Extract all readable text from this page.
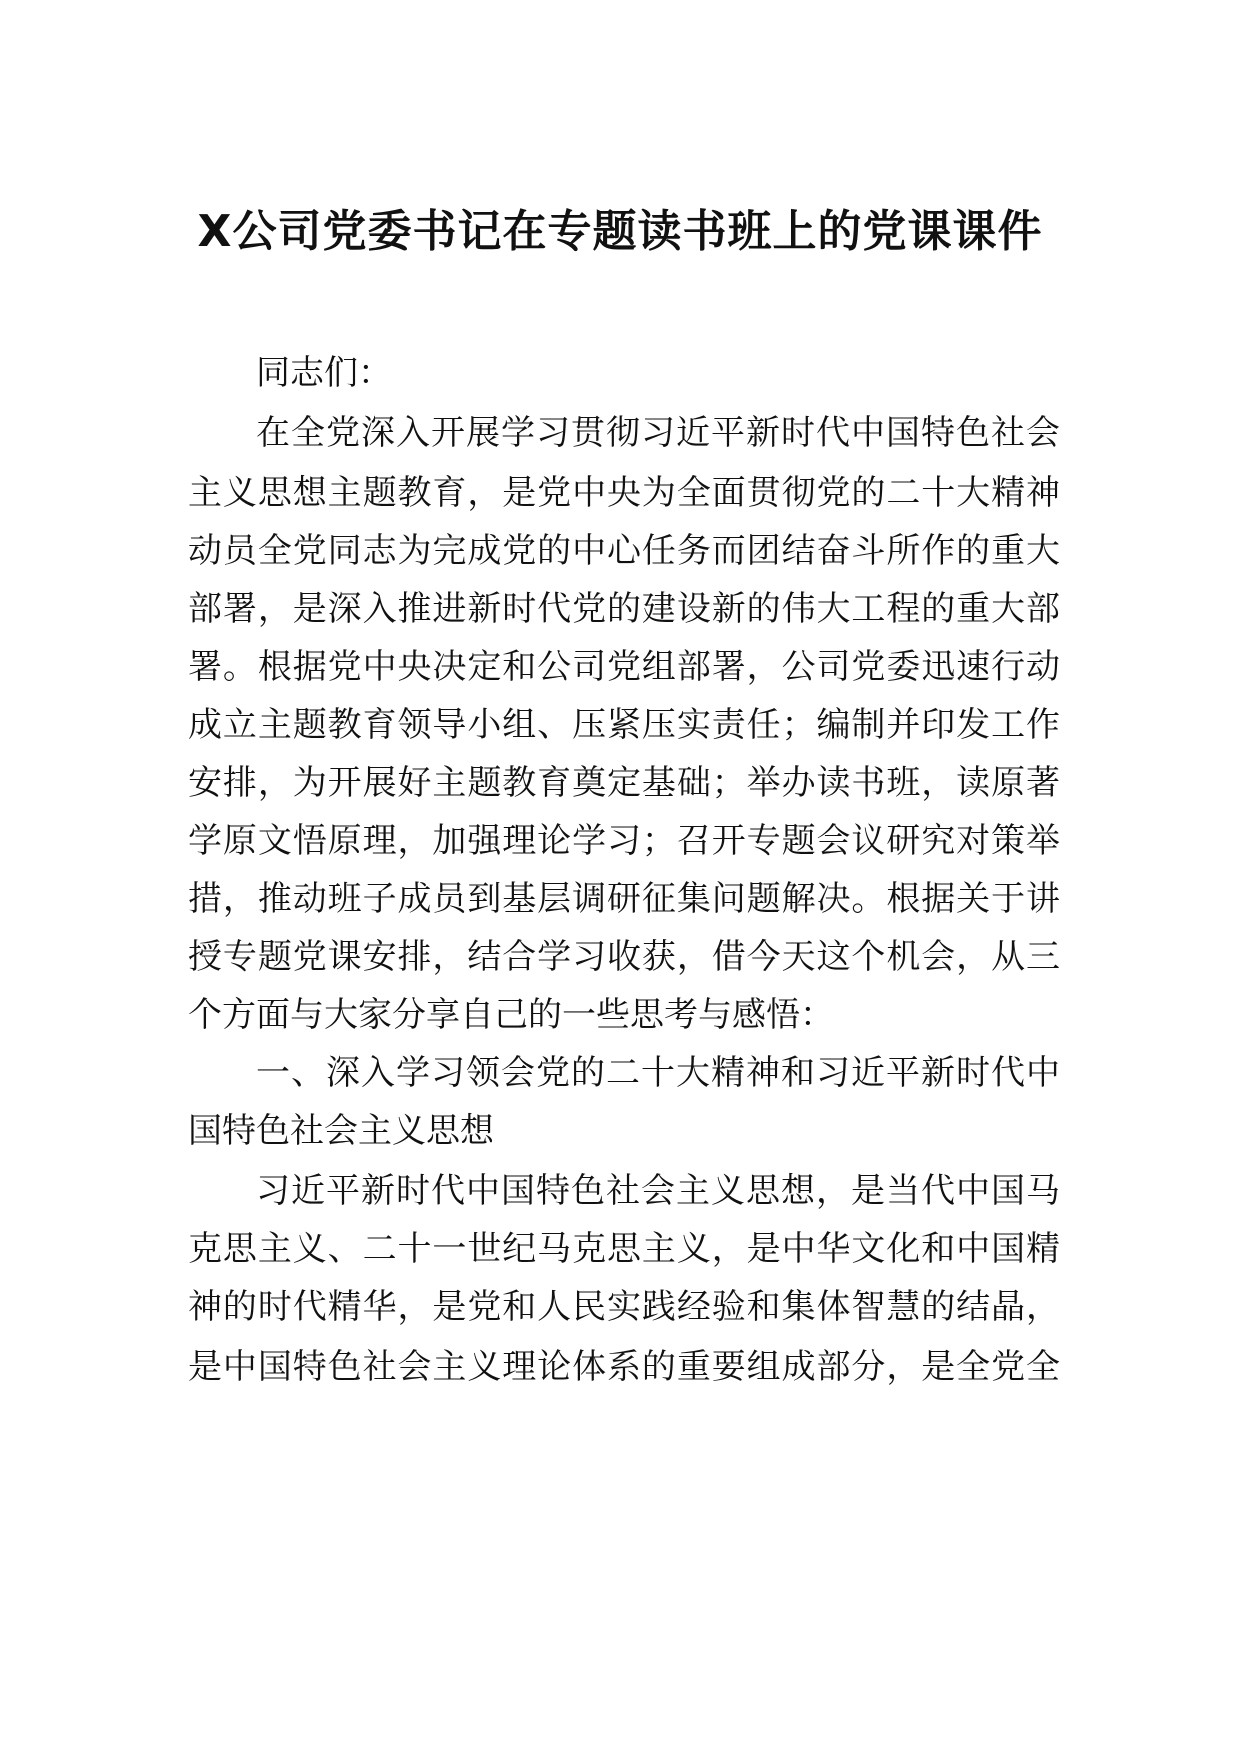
X公司党委书记在专题读书班上的党课课件
同志们：
在全党深入开展学习贯彻习近平新时代中国特色社会
主义思想主题教育，是党中央为全面贯彻党的二十大精神
动员全党同志为完成党的中心任务而团结奋斗所作的重大
部署，是深入推进新时代党的建设新的伟大工程的重大部
署。根据党中央决定和公司党组部署，公司党委迅速行动
成立主题教育领导小组、压紧压实责任；编制并印发工作
安排，为开展好主题教育奠定基础；举办读书班，读原著
学原文悟原理，加强理论学习；召开专题会议研究对策举
措，推动班子成员到基层调研征集问题解决。根据关于讲
授专题党课安排，结合学习收获，借今天这个机会，从三
个方面与大家分享自己的一些思考与感悟：
一、深入学习领会党的二十大精神和习近平新时代中
国特色社会主义思想
习近平新时代中国特色社会主义思想，是当代中国马
克思主义、二十一世纪马克思主义，是中华文化和中国精
神的时代精华，是党和人民实践经验和集体智慧的结晶，
是中国特色社会主义理论体系的重要组成部分，是全党全
